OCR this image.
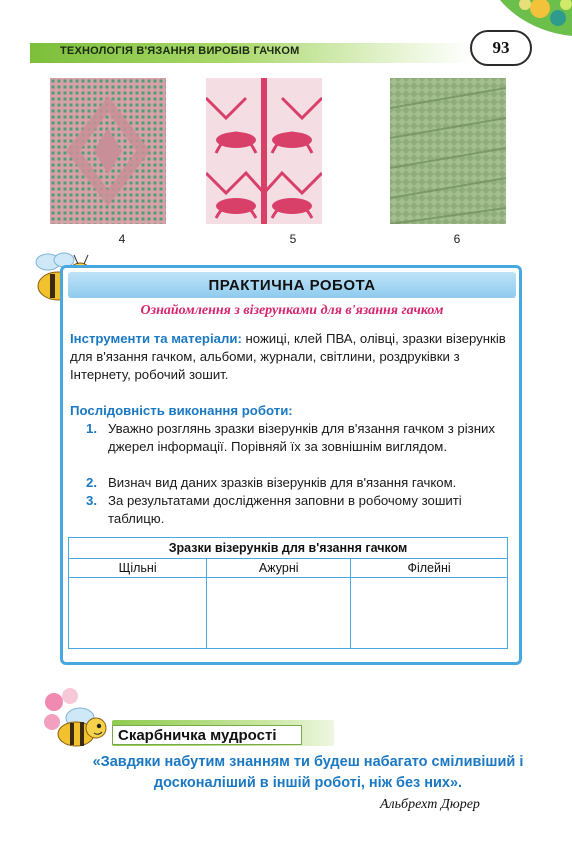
ТЕХНОЛОГІЯ В'ЯЗАННЯ ВИРОБІВ ГАЧКОМ	93
4	5	6
ПРАКТИЧНА РОБОТА
Ознайомлення з візерунками для в'язання гачком
Інструменти та матеріали: ножиці, клей ПВА, олівці, зразки візерунків для в'язання гачком, альбоми, журнали, світлини, роздруківки з Інтернету, робочий зошит.
Послідовність виконання роботи:
1. Уважно розглянь зразки візерунків для в'язання гачком з різних джерел інформації. Порівняй їх за зовнішнім виглядом.
2. Визнач вид даних зразків візерунків для в'язання гачком.
3. За результатами дослідження заповни в робочому зошиті таблицю.
Зразки візерунків для в'язання гачком		
Щільні	Ажурні	Філейні

Скарбничка мудрості
«Завдяки набутим знанням ти будеш набагато сміливіший і досконаліший в іншій роботі, ніж без них».
Альбрехт Дюрер
